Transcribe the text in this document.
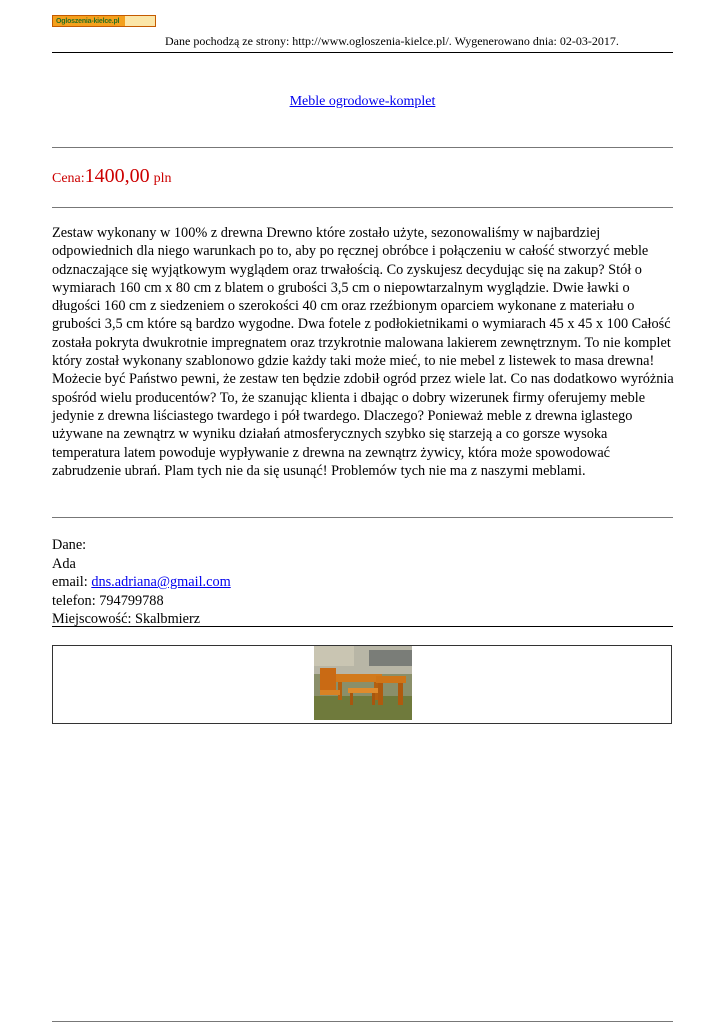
Ogloszenia-kielce.pl
Dane pochodzą ze strony: http://www.ogloszenia-kielce.pl/. Wygenerowano dnia: 02-03-2017.
Meble ogrodowe-komplet
Cena:1400,00 pln

Zestaw wykonany w 100% z drewna Drewno które zostało użyte, sezonowaliśmy w najbardziej odpowiednich dla niego warunkach po to, aby po ręcznej obróbce i połączeniu w całość stworzyć meble odznaczające się wyjątkowym wyglądem oraz trwałością. Co zyskujesz decydując się na zakup? Stół o wymiarach 160 cm x 80 cm z blatem o grubości 3,5 cm o niepowtarzalnym wyglądzie. Dwie ławki o długości 160 cm z siedzeniem o szerokości 40 cm oraz rzeźbionym oparciem wykonane z materiału o grubości 3,5 cm które są bardzo wygodne. Dwa fotele z podłokietnikami o wymiarach 45 x 45 x 100 Całość została pokryta dwukrotnie impregnatem oraz trzykrotnie malowana lakierem zewnętrznym. To nie komplet który został wykonany szablonowo gdzie każdy taki może mieć, to nie mebel z listewek to masa drewna! Możecie być Państwo pewni, że zestaw ten będzie zdobił ogród przez wiele lat. Co nas dodatkowo wyróżnia spośród wielu producentów? To, że szanując klienta i dbając o dobry wizerunek firmy oferujemy meble jedynie z drewna liściastego twardego i pół twardego. Dlaczego? Ponieważ meble z drewna iglastego używane na zewnątrz w wyniku działań atmosferycznych szybko się starzeją a co gorsze wysoka temperatura latem powoduje wypływanie z drewna na zewnątrz żywicy, która może spowodować zabrudzenie ubrań. Plam tych nie da się usunąć! Problemów tych nie ma z naszymi meblami.

Dane:
Ada
email: dns.adriana@gmail.com
telefon: 794799788
Miejscowość: Skalbmierz
